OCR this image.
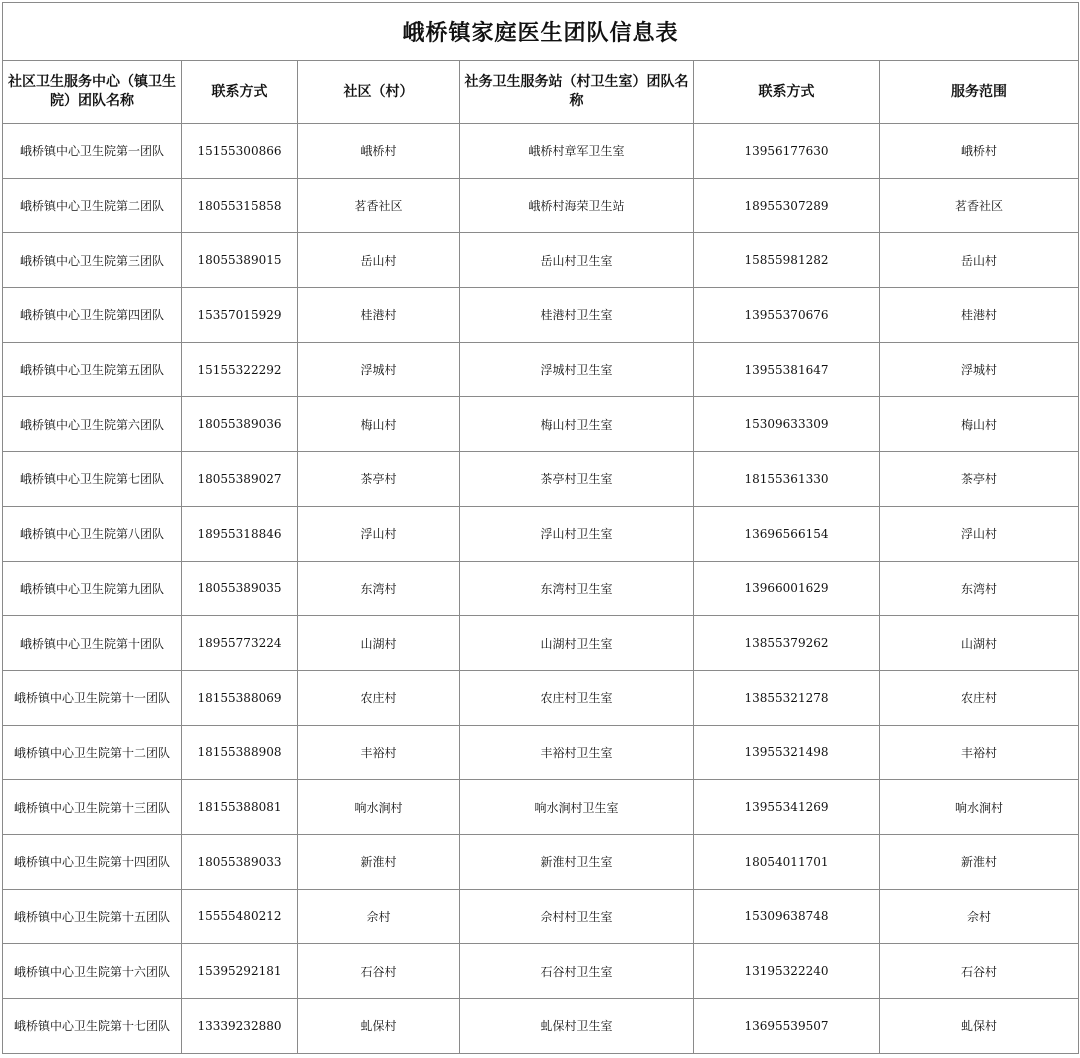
峨桥镇家庭医生团队信息表					
社区卫生服务中心（镇卫生院）团队名称	联系方式	社区（村）	社务卫生服务站（村卫生室）团队名称	联系方式	服务范围
峨桥镇中心卫生院第一团队	15155300866	峨桥村	峨桥村章军卫生室	13956177630	峨桥村
峨桥镇中心卫生院第二团队	18055315858	茗香社区	峨桥村海荣卫生站	18955307289	茗香社区
峨桥镇中心卫生院第三团队	18055389015	岳山村	岳山村卫生室	15855981282	岳山村
峨桥镇中心卫生院第四团队	15357015929	桂港村	桂港村卫生室	13955370676	桂港村
峨桥镇中心卫生院第五团队	15155322292	浮城村	浮城村卫生室	13955381647	浮城村
峨桥镇中心卫生院第六团队	18055389036	梅山村	梅山村卫生室	15309633309	梅山村
峨桥镇中心卫生院第七团队	18055389027	茶亭村	茶亭村卫生室	18155361330	茶亭村
峨桥镇中心卫生院第八团队	18955318846	浮山村	浮山村卫生室	13696566154	浮山村
峨桥镇中心卫生院第九团队	18055389035	东湾村	东湾村卫生室	13966001629	东湾村
峨桥镇中心卫生院第十团队	18955773224	山湖村	山湖村卫生室	13855379262	山湖村
峨桥镇中心卫生院第十一团队	18155388069	农庄村	农庄村卫生室	13855321278	农庄村
峨桥镇中心卫生院第十二团队	18155388908	丰裕村	丰裕村卫生室	13955321498	丰裕村
峨桥镇中心卫生院第十三团队	18155388081	响水涧村	响水涧村卫生室	13955341269	响水涧村
峨桥镇中心卫生院第十四团队	18055389033	新淮村	新淮村卫生室	18054011701	新淮村
峨桥镇中心卫生院第十五团队	15555480212	佘村	佘村村卫生室	15309638748	佘村
峨桥镇中心卫生院第十六团队	15395292181	石谷村	石谷村卫生室	13195322240	石谷村
峨桥镇中心卫生院第十七团队	13339232880	虬保村	虬保村卫生室	13695539507	虬保村
